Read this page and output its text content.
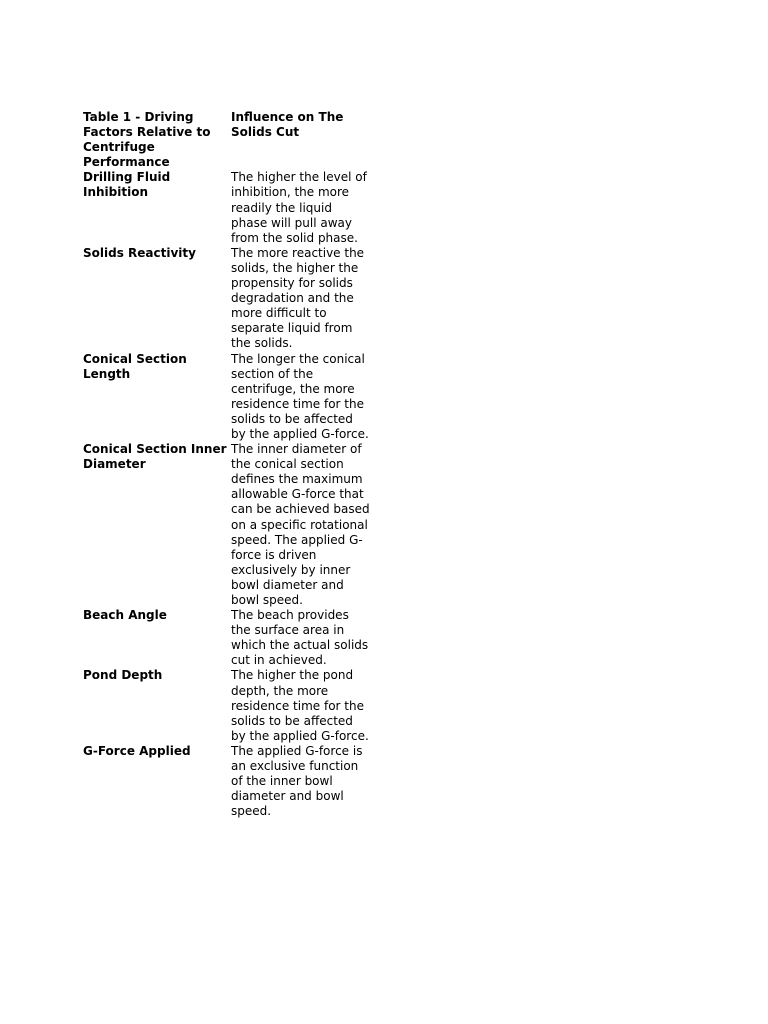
Table 1 - Driving Factors Relative to Centrifuge Performance	Influence on The Solids Cut
Drilling Fluid Inhibition	The higher the level of inhibition, the more readily the liquid phase will pull away from the solid phase.
Solids Reactivity	The more reactive the solids, the higher the propensity for solids degradation and the more difficult to separate liquid from the solids.
Conical Section Length	The longer the conical section of the centrifuge, the more residence time for the solids to be affected by the applied G-force.
Conical Section Inner Diameter	The inner diameter of the conical section defines the maximum allowable G-force that can be achieved based on a specific rotational speed. The applied G-force is driven exclusively by inner bowl diameter and bowl speed.
Beach Angle	The beach provides the surface area in which the actual solids cut in achieved.
Pond Depth	The higher the pond depth, the more residence time for the solids to be affected by the applied G-force.
G-Force Applied	The applied G-force is an exclusive function of the inner bowl diameter and bowl speed.
